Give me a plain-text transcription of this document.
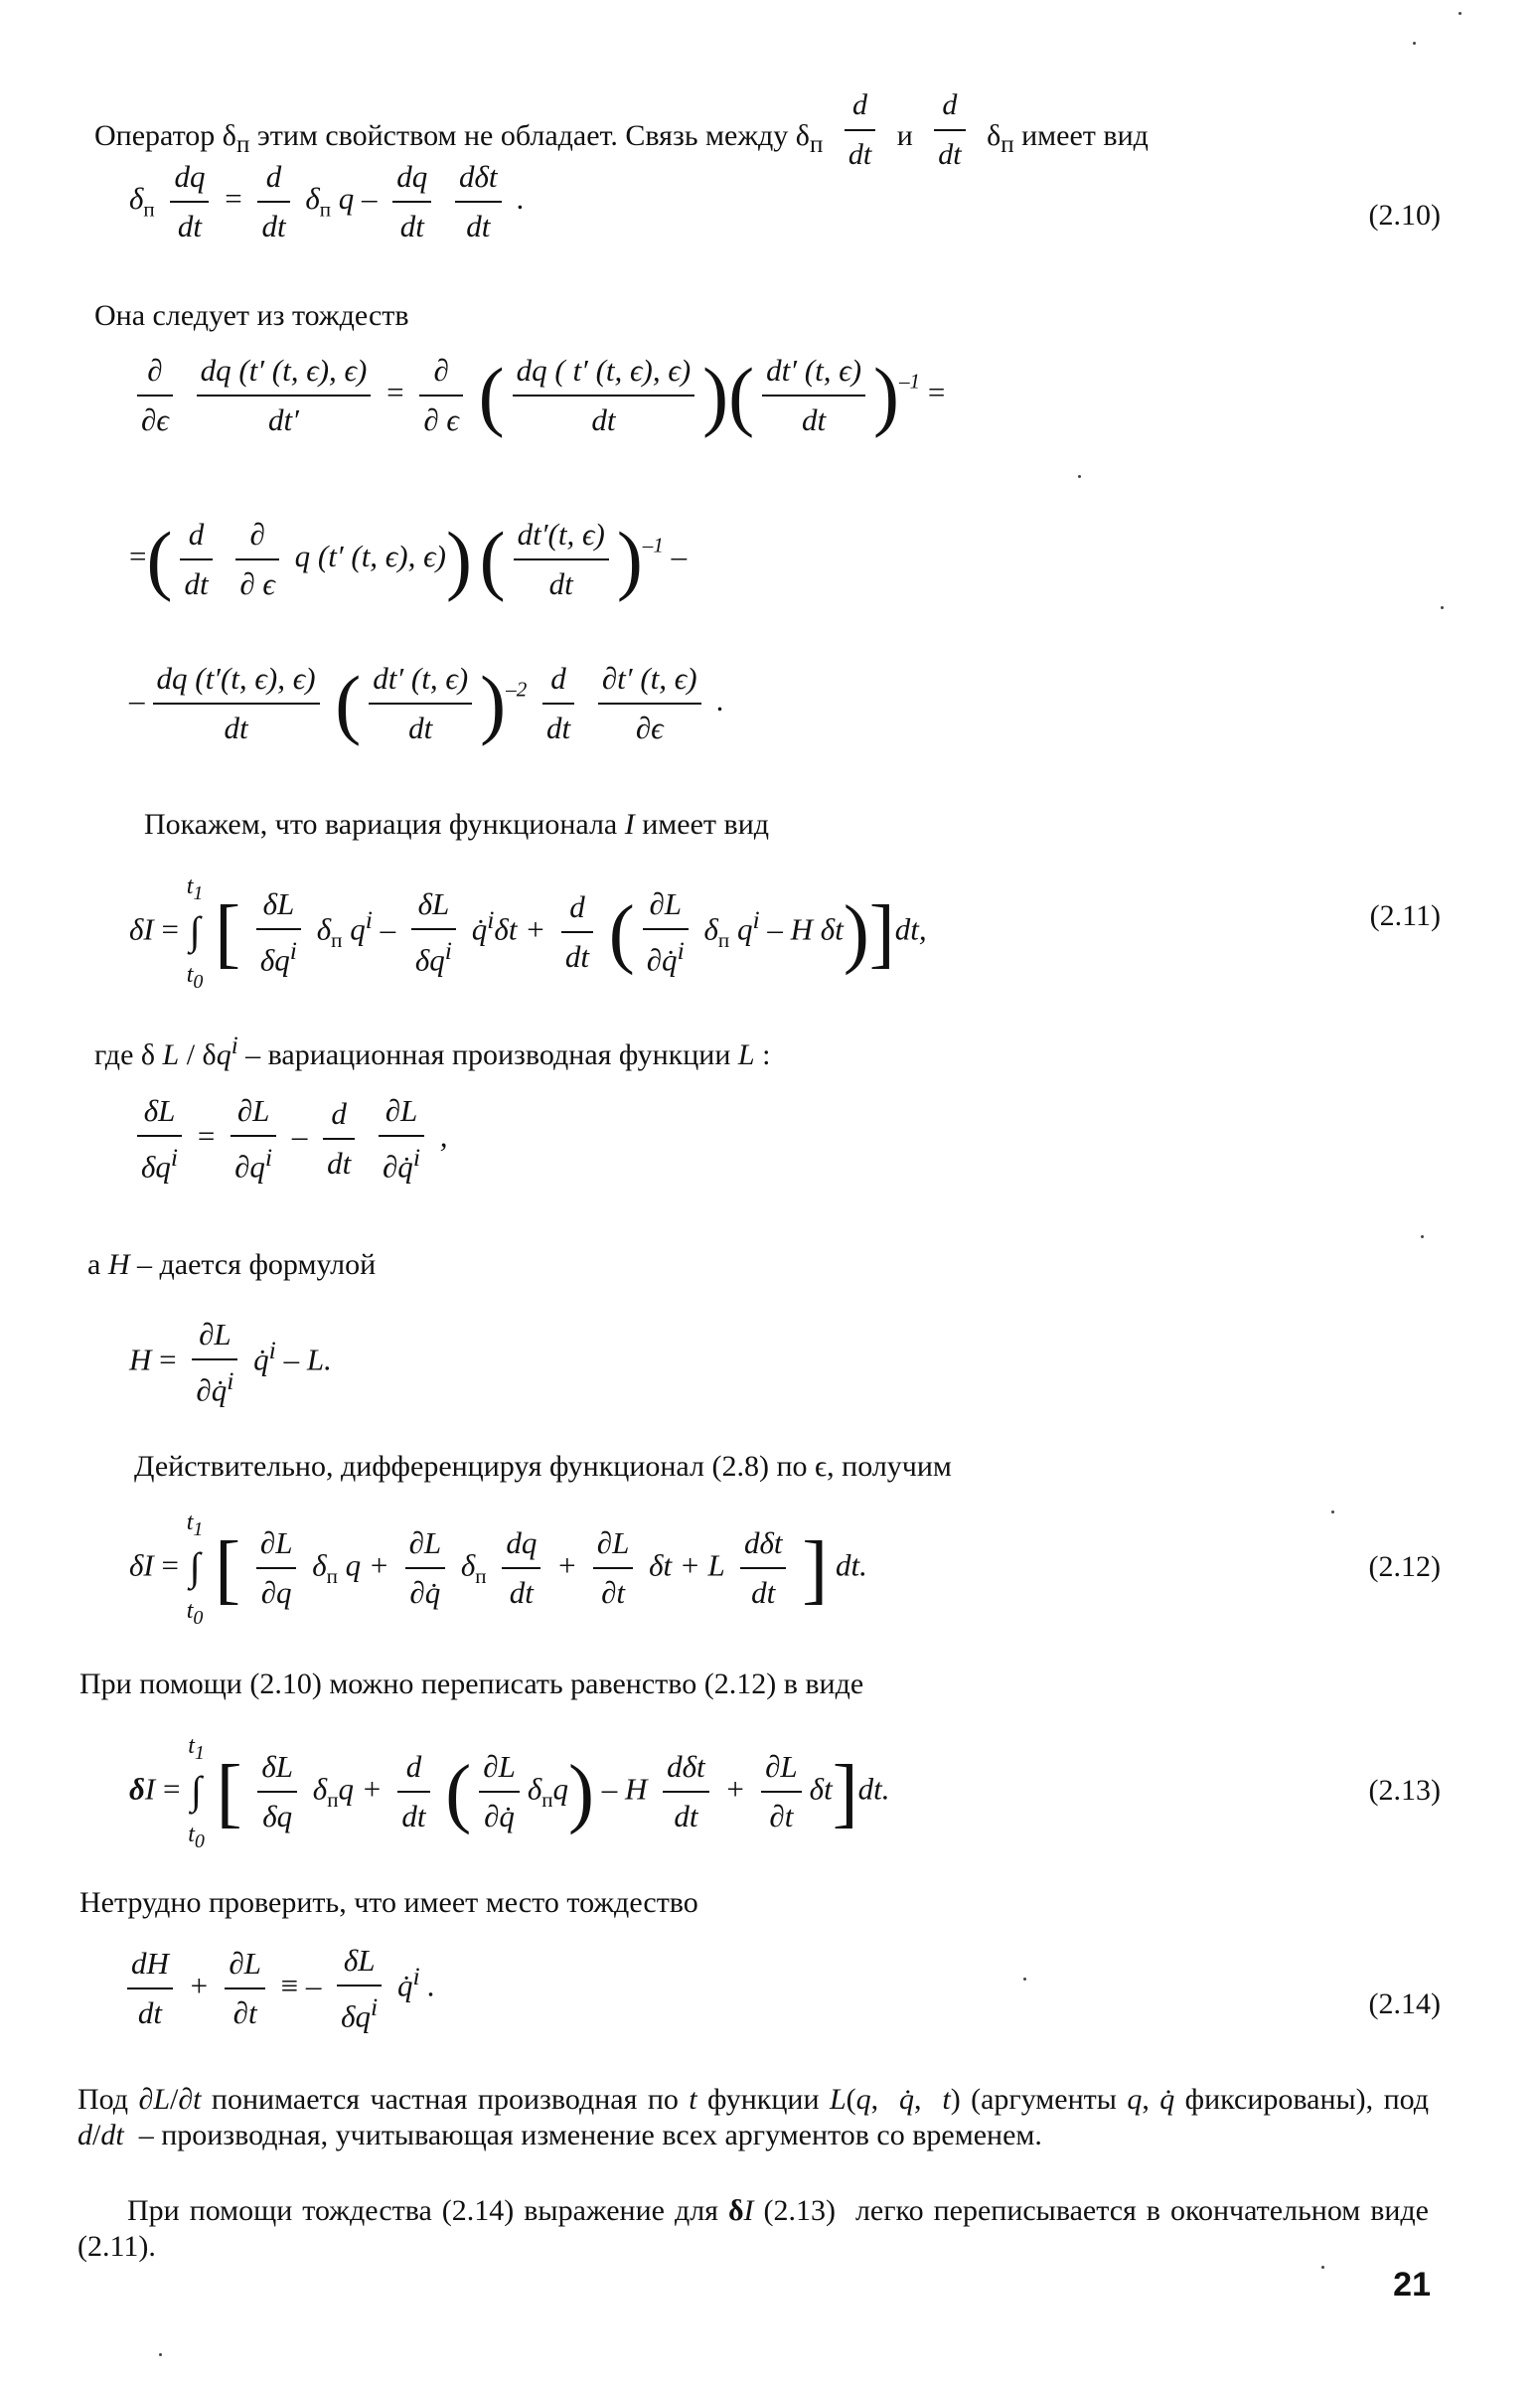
Оператор $\delta_п$ этим свойством не обладает. Связь между $\delta_п \frac{d}{dt}$ и $\frac{d}{dt} \delta_п$ имеет вид
$\delta_п \frac{dq}{dt} = \frac{d}{dt} \delta_п$ q – $\frac{dq}{dt}$
$\frac{\text{dδt}}{dt}$ .	(2.10)
Она следует из тождеств
$\frac{\partial}{\partial\epsilon}$
$\frac{dq (t' (t, \epsilon), \epsilon)}{dt'} = \frac{\partial}{\partial \epsilon}$ ( $\frac{dq ( t' (t, \epsilon), \epsilon)}{dt}$ )( $\frac{dt' (t, \epsilon)}{dt} )^{-1}$ =
=( $\frac{d}{dt}$
$\frac{\partial}{\partial \epsilon}$ q (t′ (t, ϵ), ϵ)) ( $\frac{dt'(t, \epsilon)}{dt} )^{-1}$ –
– $\frac{dq (t'(t, \epsilon), \epsilon)}{dt}$ ( $\frac{dt' (t, \epsilon)}{dt} )^{-2} \frac{d}{dt}$
$\frac{\partial t' (t, \epsilon)}{\partial\epsilon}$ .
Покажем, что вариация функционала I имеет вид
$\delta I = t_1$
∫
$t_0$ [ $\frac{\delta L}{\delta q^i} \delta_п$ $q^i - \frac{\delta L}{\delta q^i}$ q̇$^i$δt + $\frac{d}{dt}$ ( $\frac{\partial L}{\partial q̇^i} \delta_п$ $q^i$ – H δt)]dt,	(2.11)
где δ L / $\delta q^i$ – вариационная производная функции L :
$\frac{\delta L}{\delta q^i} = \frac{\partial L}{\partial q^i} - \frac{d}{dt}$
$\frac{\partial L}{\partial q̇^i}$ ,
а H – дается формулой
$H = \frac{\partial L}{\partial q̇^i}$ q̇$^i$ – L.
Действительно, дифференцируя функционал (2.8) по ϵ, получим
$\delta I = t_1$
∫
$t_0$ [ $\frac{\partial L}{\partial q} \delta_п$ $q + \frac{\partial L}{\partial q̇} \delta_п \frac{dq}{dt} + \frac{\partial L}{\partial t}$ δt + L $\frac{\text{dδt}}{dt}$ ] dt.	(2.12)
При помощи (2.10) можно переписать равенство (2.12) в виде
$\delta I = t_1$
∫
$t_0$ [ $\frac{\delta L}{\delta q} \delta_пq + \frac{d}{dt}$ ( $\frac{\partial L}{\partial q̇} \delta_пq) - H \frac{\text{dδt}}{dt} + \frac{\partial L}{\partial t} \delta t]dt$.	(2.13)
Нетрудно проверить, что имеет место тождество
$\frac{dH}{dt} + \frac{\partial L}{\partial t}$ ≡ – $\frac{\delta L}{\delta q^i}$ q̇$^i$ .
(2.14)
Под ∂L/∂t понимается частная производная по t функции L(q,  q̇,  t) (аргументы q, q̇ фиксированы), под d/dt  – производная, учитывающая изменение всех аргументов со временем.
При помощи тождества (2.14) выражение для δI (2.13)  легко переписывается в окончательном виде (2.11).
21
